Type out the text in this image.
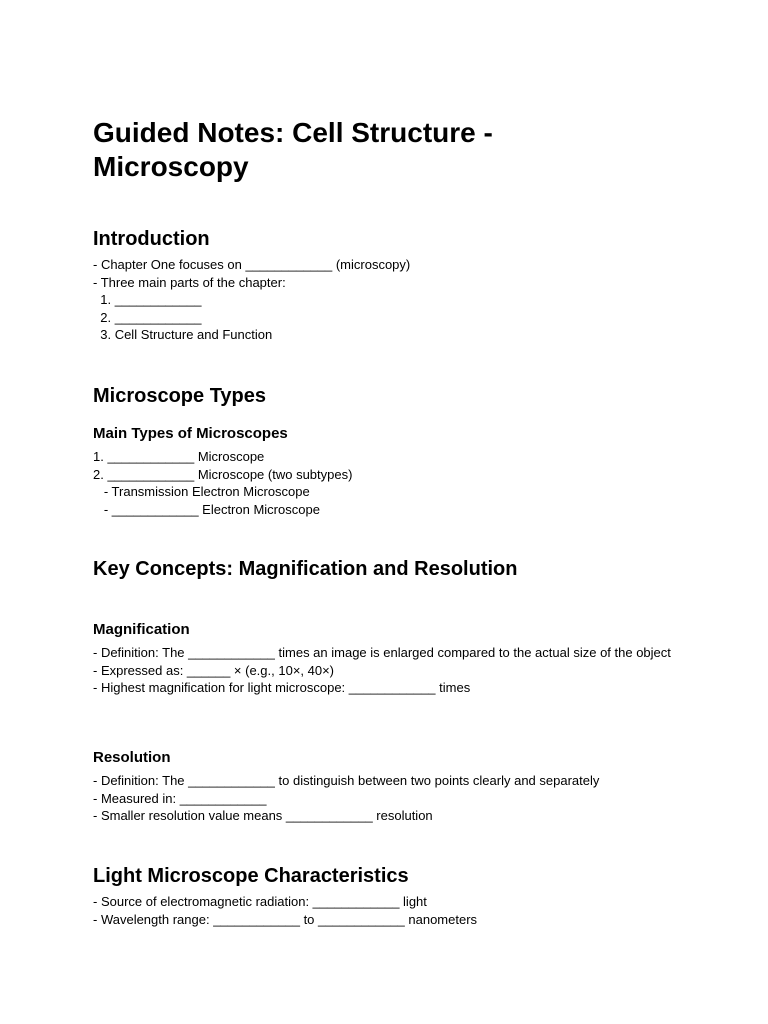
Guided Notes: Cell Structure - Microscopy
Introduction
- Chapter One focuses on ____________ (microscopy)
- Three main parts of the chapter:
1. ____________
2. ____________
3. Cell Structure and Function
Microscope Types
Main Types of Microscopes
1. ____________ Microscope
2. ____________ Microscope (two subtypes)
- Transmission Electron Microscope
- ____________ Electron Microscope
Key Concepts: Magnification and Resolution
Magnification
- Definition: The ____________ times an image is enlarged compared to the actual size of the object
- Expressed as: ______ × (e.g., 10×, 40×)
- Highest magnification for light microscope: ____________ times
Resolution
- Definition: The ____________ to distinguish between two points clearly and separately
- Measured in: ____________
- Smaller resolution value means ____________ resolution
Light Microscope Characteristics
- Source of electromagnetic radiation: ____________ light
- Wavelength range: ____________ to ____________ nanometers
